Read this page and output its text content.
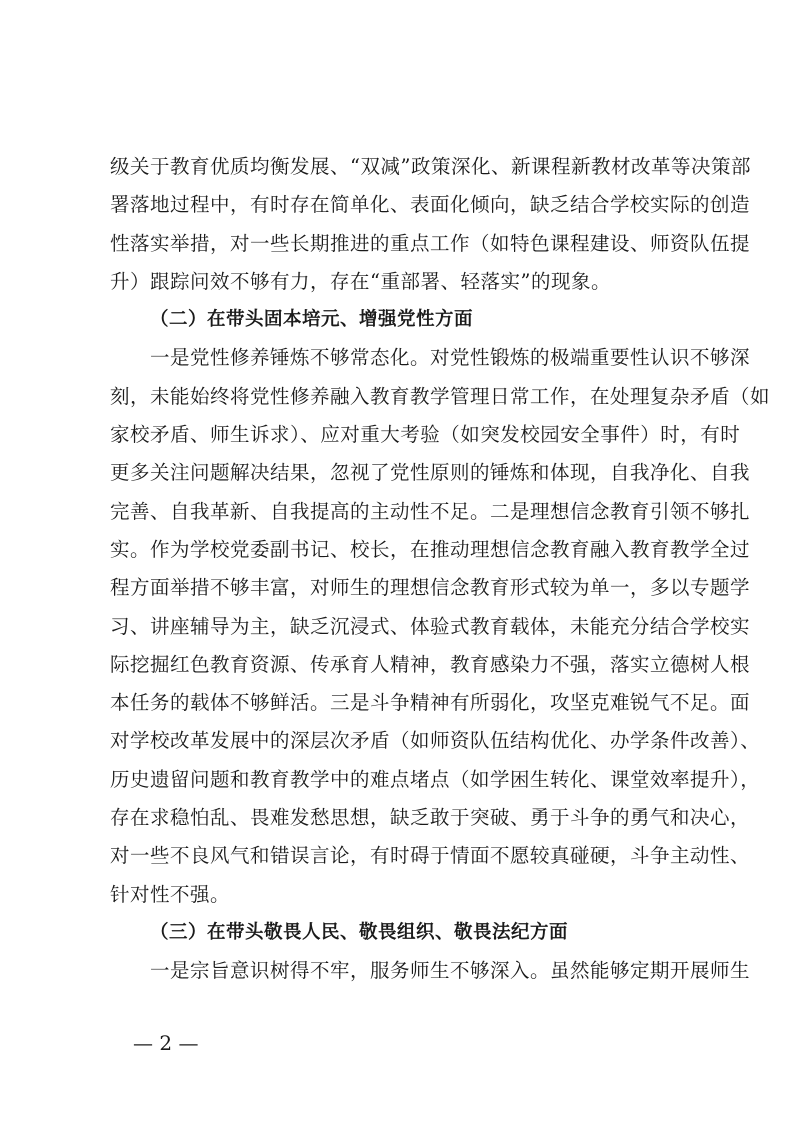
级关于教育优质均衡发展、“双减”政策深化、新课程新教材改革等决策部
署落地过程中，有时存在简单化、表面化倾向，缺乏结合学校实际的创造
性落实举措，对一些长期推进的重点工作（如特色课程建设、师资队伍提
升）跟踪问效不够有力，存在“重部署、轻落实”的现象。
（二）在带头固本培元、增强党性方面
一是党性修养锤炼不够常态化。对党性锻炼的极端重要性认识不够深
刻，未能始终将党性修养融入教育教学管理日常工作，在处理复杂矛盾（如
家校矛盾、师生诉求）、应对重大考验（如突发校园安全事件）时，有时
更多关注问题解决结果，忽视了党性原则的锤炼和体现，自我净化、自我
完善、自我革新、自我提高的主动性不足。二是理想信念教育引领不够扎
实。作为学校党委副书记、校长，在推动理想信念教育融入教育教学全过
程方面举措不够丰富，对师生的理想信念教育形式较为单一，多以专题学
习、讲座辅导为主，缺乏沉浸式、体验式教育载体，未能充分结合学校实
际挖掘红色教育资源、传承育人精神，教育感染力不强，落实立德树人根
本任务的载体不够鲜活。三是斗争精神有所弱化，攻坚克难锐气不足。面
对学校改革发展中的深层次矛盾（如师资队伍结构优化、办学条件改善）、
历史遗留问题和教育教学中的难点堵点（如学困生转化、课堂效率提升），
存在求稳怕乱、畏难发愁思想，缺乏敢于突破、勇于斗争的勇气和决心，
对一些不良风气和错误言论，有时碍于情面不愿较真碰硬，斗争主动性、
针对性不强。
（三）在带头敬畏人民、敬畏组织、敬畏法纪方面
一是宗旨意识树得不牢，服务师生不够深入。虽然能够定期开展师生
— 2 —
